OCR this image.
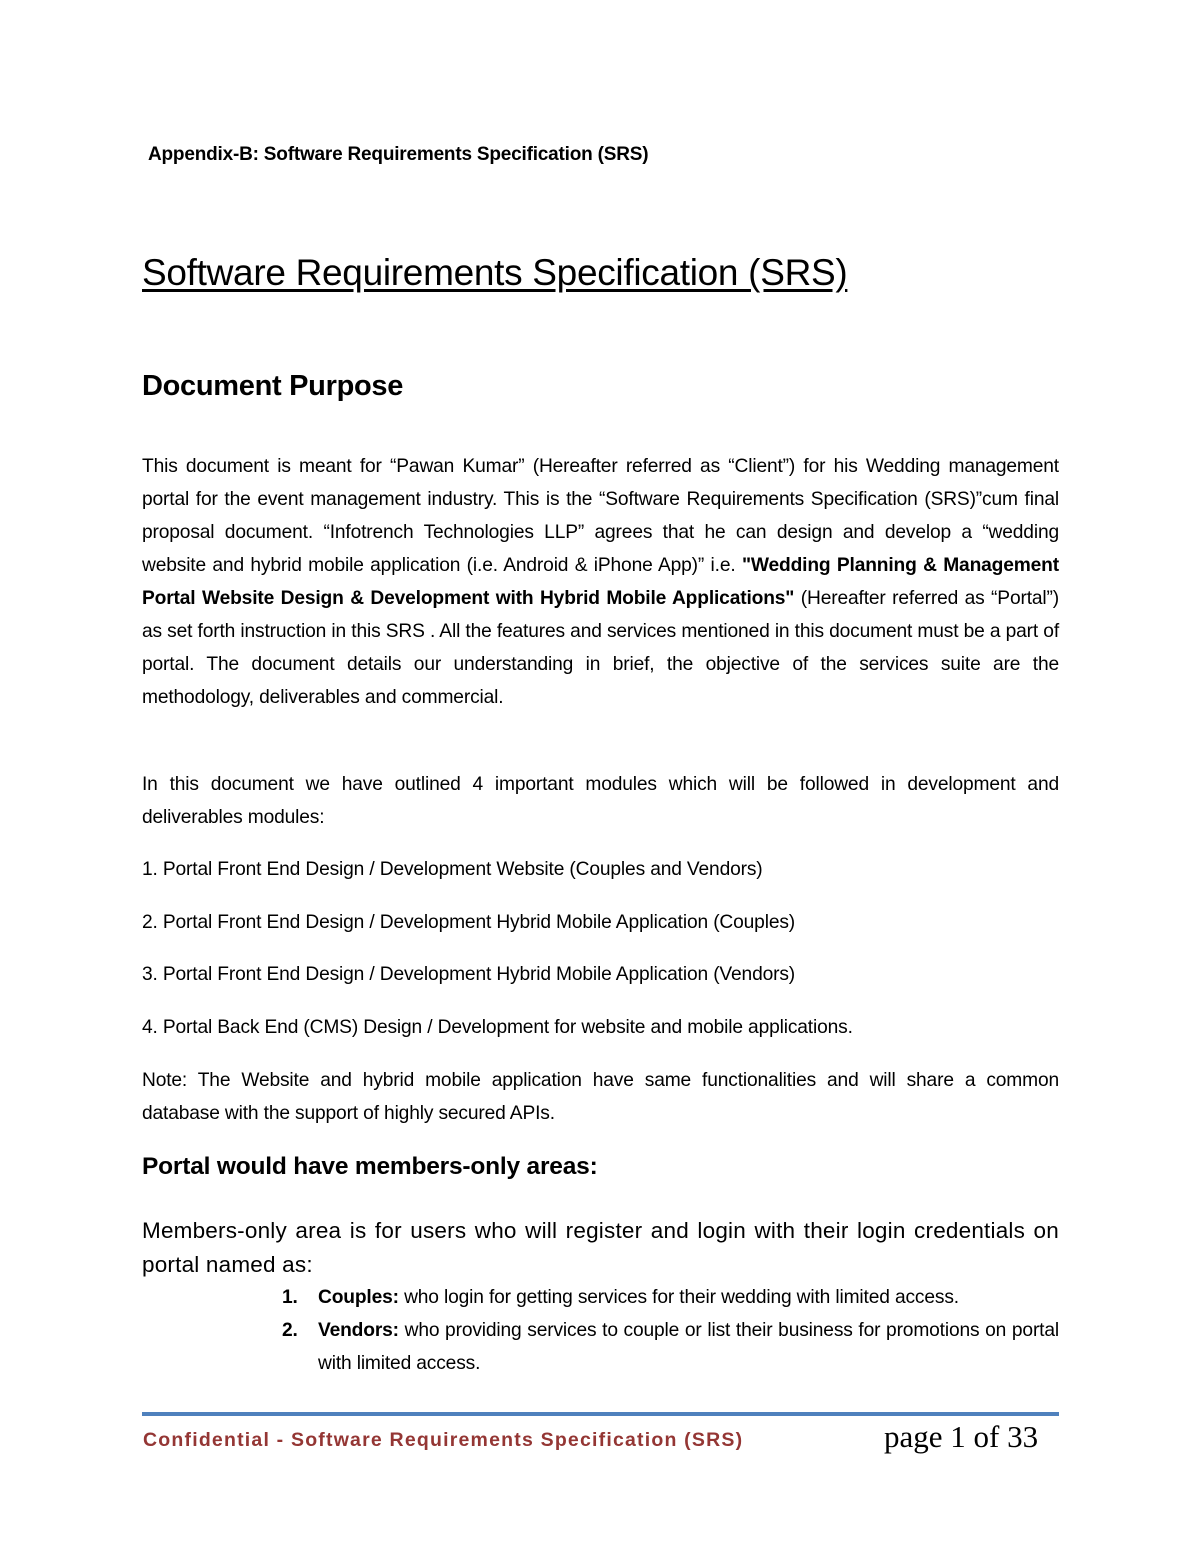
Appendix-B: Software Requirements Specification (SRS)
Software Requirements Specification (SRS)
Document Purpose
This document is meant for “Pawan Kumar” (Hereafter referred as “Client”) for his Wedding management portal for the event management industry. This is the “Software Requirements Specification (SRS)”cum final proposal document. “Infotrench Technologies LLP” agrees that he can design and develop a “wedding website and hybrid mobile application (i.e. Android & iPhone App)” i.e. "Wedding Planning & Management Portal Website Design & Development with Hybrid Mobile Applications" (Hereafter referred as “Portal”) as set forth instruction in this SRS . All the features and services mentioned in this document must be a part of portal. The document details our understanding in brief, the objective of the services suite are the methodology, deliverables and commercial.
In this document we have outlined 4 important modules which will be followed in development and deliverables modules:
1. Portal Front End Design / Development Website (Couples and Vendors)
2. Portal Front End Design / Development Hybrid Mobile Application (Couples)
3. Portal Front End Design / Development Hybrid Mobile Application (Vendors)
4. Portal Back End (CMS) Design / Development for website and mobile applications.
Note: The Website and hybrid mobile application have same functionalities and will share a common database with the support of highly secured APIs.
Portal would have members-only areas:
Members-only area is for users who will register and login with their login credentials on portal named as:
1. Couples: who login for getting services for their wedding with limited access.
2. Vendors: who providing services to couple or list their business for promotions on portal with limited access.
Confidential - Software Requirements Specification (SRS)	page 1 of 33
